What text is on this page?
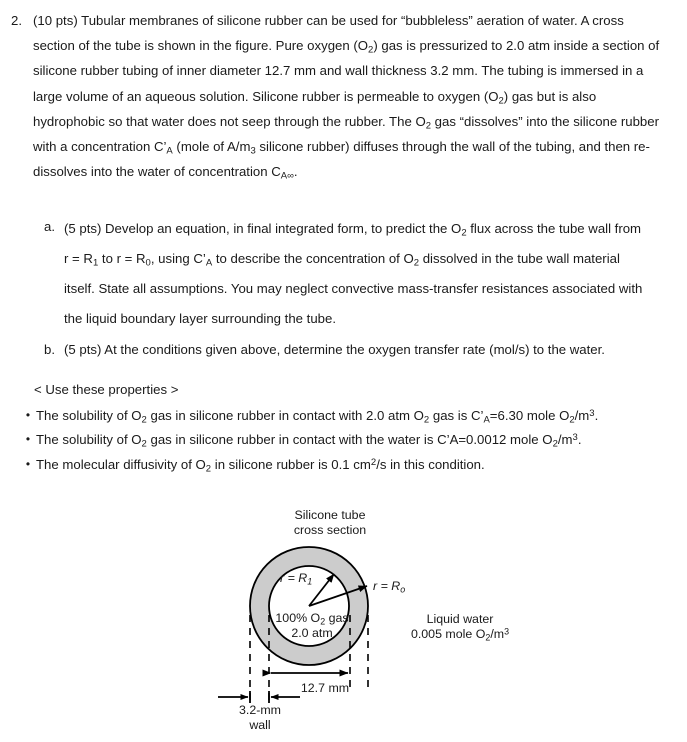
2. (10 pts) Tubular membranes of silicone rubber can be used for “bubbleless” aeration of water. A cross section of the tube is shown in the figure. Pure oxygen $(O_2)$ gas is pressurized to 2.0 atm inside a section of silicone rubber tubing of inner diameter 12.7 mm and wall thickness 3.2 mm. The tubing is immersed in a large volume of an aqueous solution. Silicone rubber is permeable to oxygen $(O_2)$ gas but is also hydrophobic so that water does not seep through the rubber. The $O_2$ gas “dissolves” into the silicone rubber with a concentration $C’_A$ (mole of $A/m_3$ silicone rubber) diffuses through the wall of the tubing, and then re-dissolves into the water of concentration $C_{A\infty}$.

a. (5 pts) Develop an equation, in final integrated form, to predict the $O_2$ flux across the tube wall from $r = R_1$ to $r = R_0$, using $C’_A$ to describe the concentration of $O_2$ dissolved in the tube wall material itself. State all assumptions. You may neglect convective mass-transfer resistances associated with the liquid boundary layer surrounding the tube.
b. (5 pts) At the conditions given above, determine the oxygen transfer rate (mol/s) to the water.
< Use these properties >
• The solubility of $O_2$ gas in silicone rubber in contact with 2.0 atm $O_2$ gas is $C’_A=6.30$ mole $O_2/m^3$.
• The solubility of $O_2$ gas in silicone rubber in contact with the water is C’A=0.0012 mole $O_2/m^3$.
• The molecular diffusivity of $O_2$ in silicone rubber is 0.1 $cm^2/s$ in this condition.
Silicone tube
cross section
$r = R_1$	$r = R_o$
100% $O_2$ gas
2.0 atm
Liquid water
0.005 mole $O_2/m^3$
12.7 mm
3.2-mm
wall
